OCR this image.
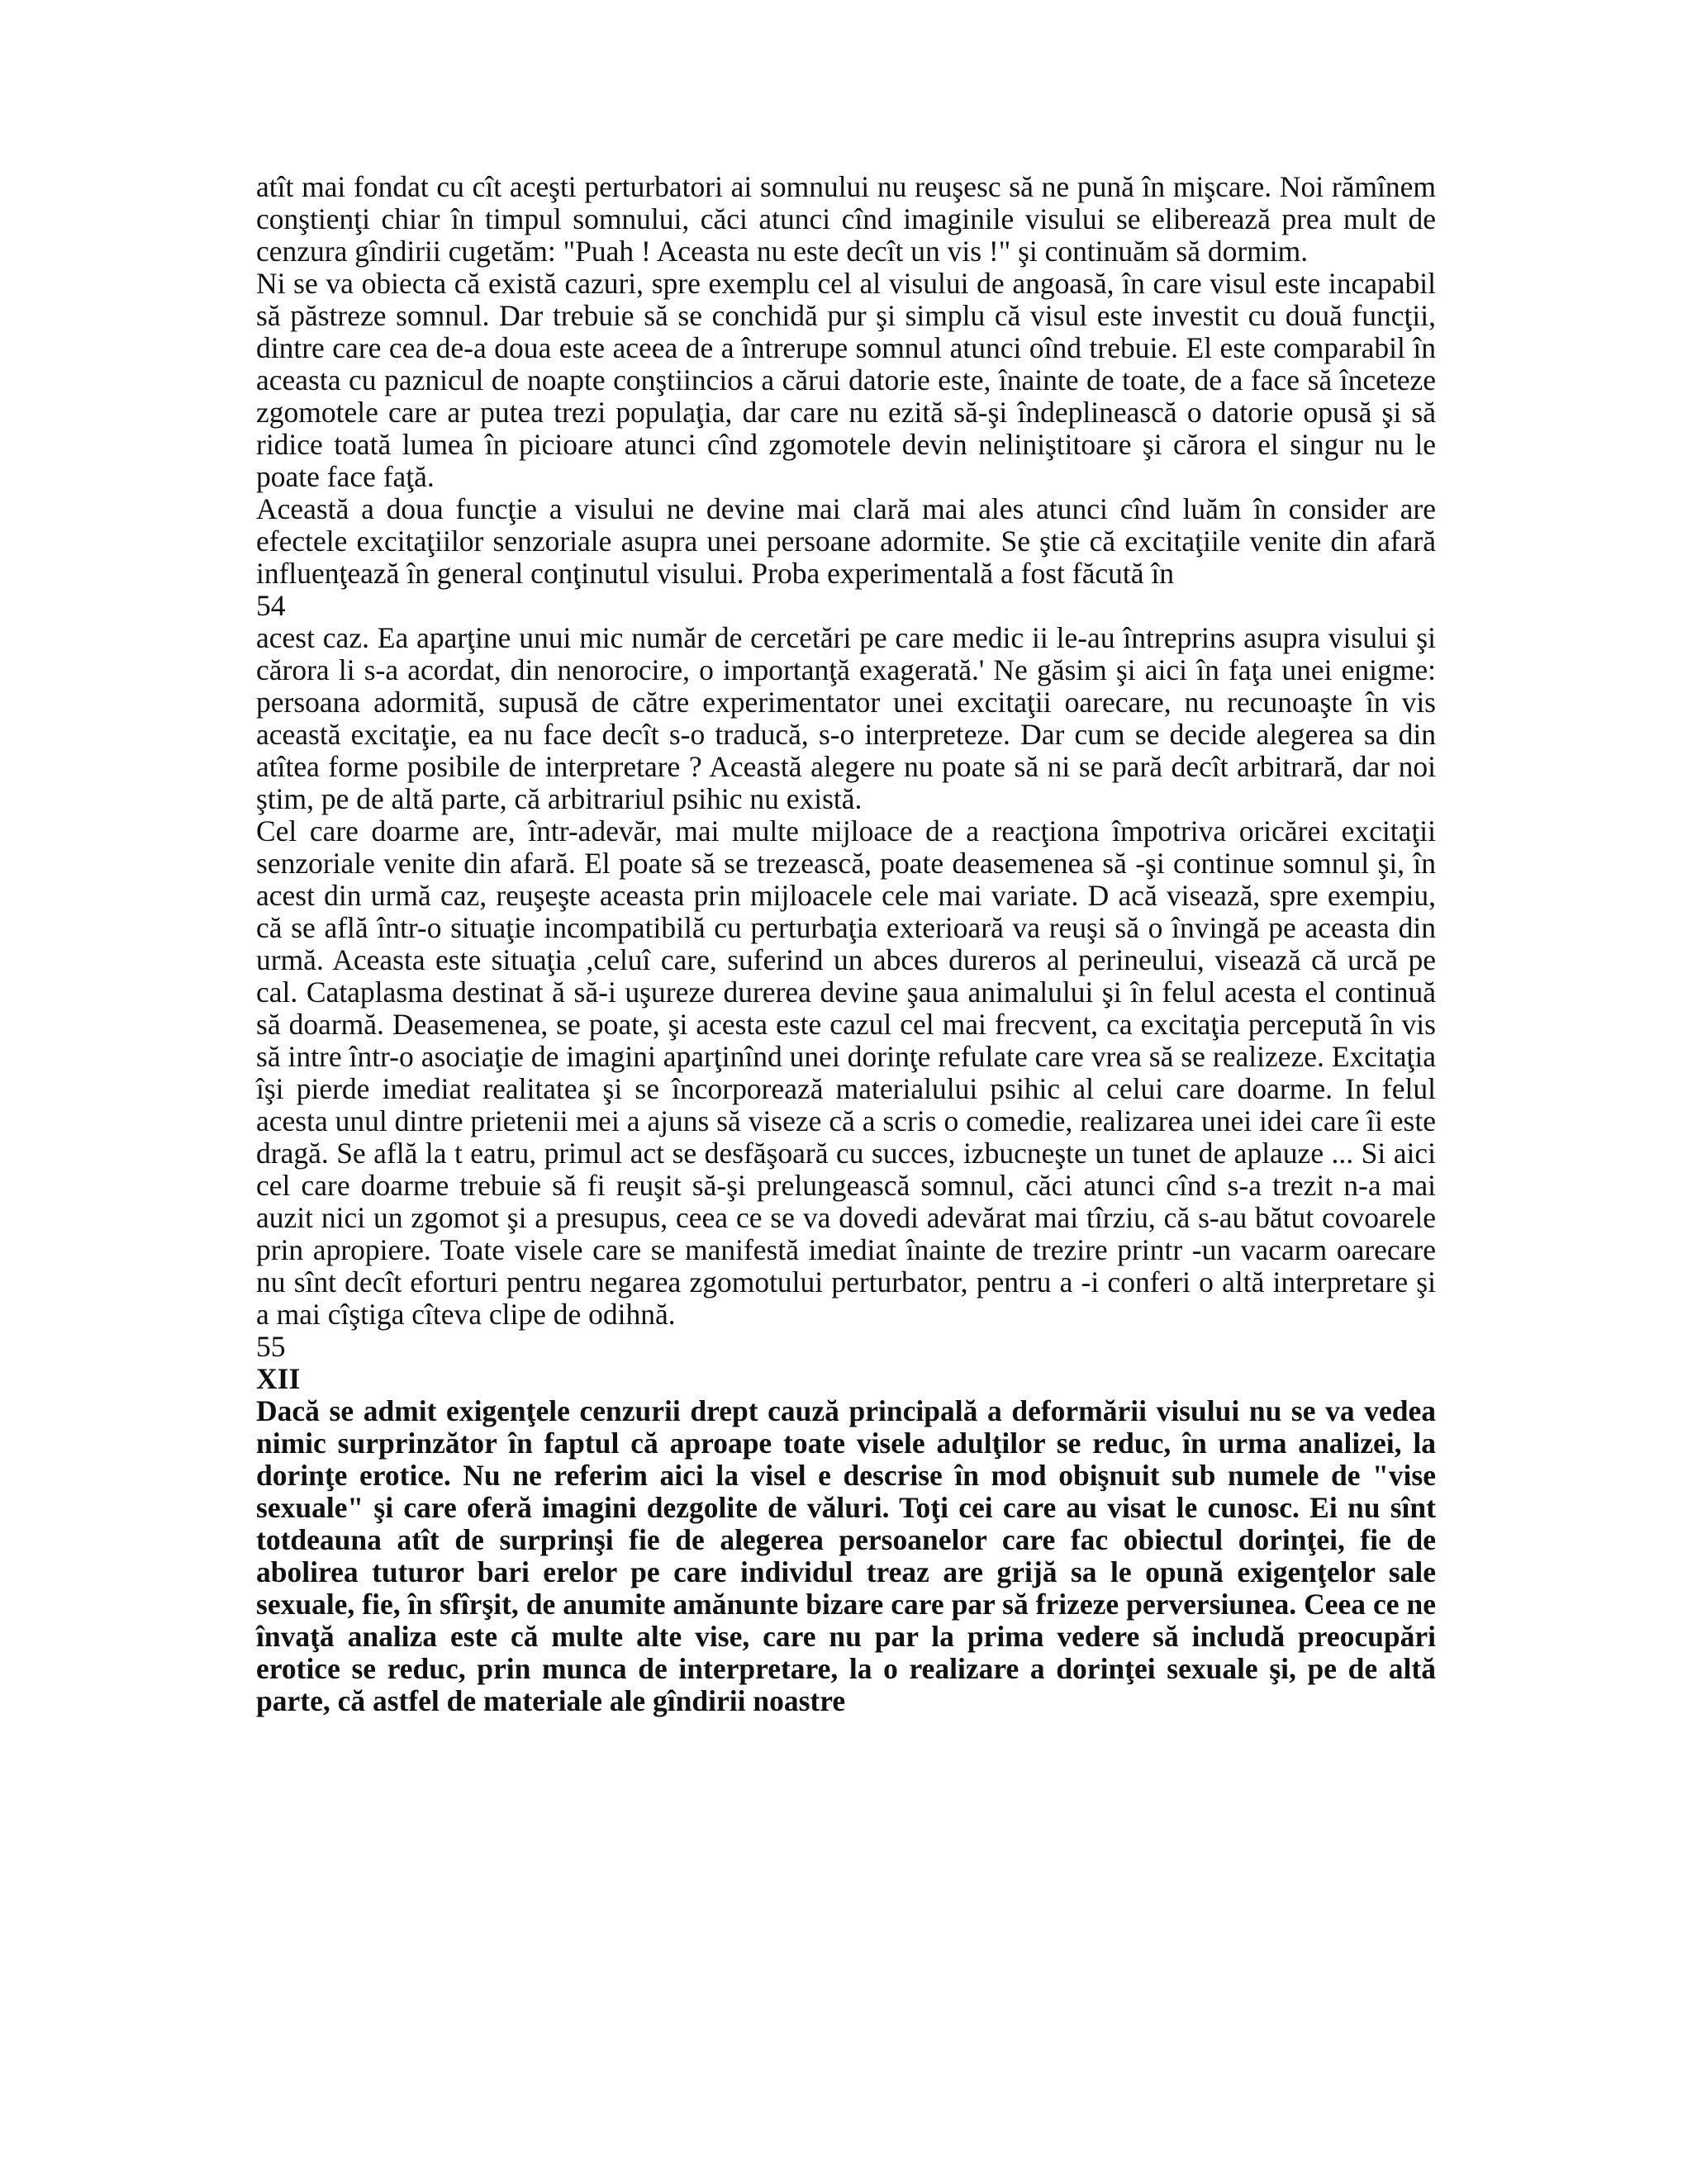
atît mai fondat cu cît aceşti perturbatori ai somnului nu reuşesc să ne pună în mişcare. Noi rămînem conştienţi chiar în timpul somnului, căci atunci cînd imaginile visului se eliberează prea mult de cenzura gîndirii cugetăm: "Puah ! Aceasta nu este decît un vis !" şi continuăm să dormim.

Ni se va obiecta că există cazuri, spre exemplu cel al visului de angoasă, în care visul este incapabil să păstreze somnul. Dar trebuie să se conchidă pur şi simplu că visul este investit cu două funcţii, dintre care cea de-a doua este aceea de a întrerupe somnul atunci oînd trebuie. El este comparabil în aceasta cu paznicul de noapte conştiincios a cărui datorie este, înainte de toate, de a face să înceteze zgomotele care ar putea trezi populaţia, dar care nu ezită să-şi îndeplinească o datorie opusă şi să ridice toată lumea în picioare atunci cînd zgomotele devin neliniştitoare şi cărora el singur nu le poate face faţă.

Această a doua funcţie a visului ne devine mai clară mai ales atunci cînd luăm în consider are efectele excitaţiilor senzoriale asupra unei persoane adormite. Se ştie că excitaţiile venite din afară influenţează în general conţinutul visului. Proba experimentală a fost făcută în

54

acest caz. Ea aparţine unui mic număr de cercetări pe care medic ii le-au întreprins asupra visului şi cărora li s-a acordat, din nenorocire, o importanţă exagerată.' Ne găsim şi aici în faţa unei enigme: persoana adormită, supusă de către experimentator unei excitaţii oarecare, nu recunoaşte în vis această excitaţie, ea nu face decît s-o traducă, s-o interpreteze. Dar cum se decide alegerea sa din atîtea forme posibile de interpretare ? Această alegere nu poate să ni se pară decît arbitrară, dar noi ştim, pe de altă parte, că arbitrariul psihic nu există.

Cel care doarme are, într-adevăr, mai multe mijloace de a reacţiona împotriva oricărei excitaţii senzoriale venite din afară. El poate să se trezească, poate deasemenea să -şi continue somnul şi, în acest din urmă caz, reuşeşte aceasta prin mijloacele cele mai variate. D acă visează, spre exempiu, că se află într-o situaţie incompatibilă cu perturbaţia exterioară va reuşi să o învingă pe aceasta din urmă. Aceasta este situaţia ,celuî care, suferind un abces dureros al perineului, visează că urcă pe cal. Cataplasma destinat ă să-i uşureze durerea devine şaua animalului şi în felul acesta el continuă să doarmă. Deasemenea, se poate, şi acesta este cazul cel mai frecvent, ca excitaţia percepută în vis să intre într-o asociaţie de imagini aparţinînd unei dorinţe refulate care vrea să se realizeze. Excitaţia îşi pierde imediat realitatea şi se încorporează materialului psihic al celui care doarme. In felul acesta unul dintre prietenii mei a ajuns să viseze că a scris o comedie, realizarea unei idei care îi este dragă. Se află la t eatru, primul act se desfăşoară cu succes, izbucneşte un tunet de aplauze ... Si aici cel care doarme trebuie să fi reuşit să-şi prelungească somnul, căci atunci cînd s-a trezit n-a mai auzit nici un zgomot şi a presupus, ceea ce se va dovedi adevărat mai tîrziu, că s-au bătut covoarele prin apropiere. Toate visele care se manifestă imediat înainte de trezire printr -un vacarm oarecare nu sînt decît eforturi pentru negarea zgomotului perturbator, pentru a -i conferi o altă interpretare şi a mai cîştiga cîteva clipe de odihnă.

55

XII

Dacă se admit exigenţele cenzurii drept cauză principală a deformării visului nu se va vedea nimic surprinzător în faptul că aproape toate visele adulţilor se reduc, în urma analizei, la dorinţe erotice. Nu ne referim aici la visel e descrise în mod obişnuit sub numele de "vise sexuale" şi care oferă imagini dezgolite de văluri. Toţi cei care au visat le cunosc. Ei nu sînt totdeauna atît de surprinşi fie de alegerea persoanelor care fac obiectul dorinţei, fie de abolirea tuturor bari erelor pe care individul treaz are grijă sa le opună exigenţelor sale sexuale, fie, în sfîrşit, de anumite amănunte bizare care par să frizeze perversiunea. Ceea ce ne învaţă analiza este că multe alte vise, care nu par la prima vedere să includă preocupări erotice se reduc, prin munca de interpretare, la o realizare a dorinţei sexuale şi, pe de altă parte, că astfel de materiale ale gîndirii noastre
